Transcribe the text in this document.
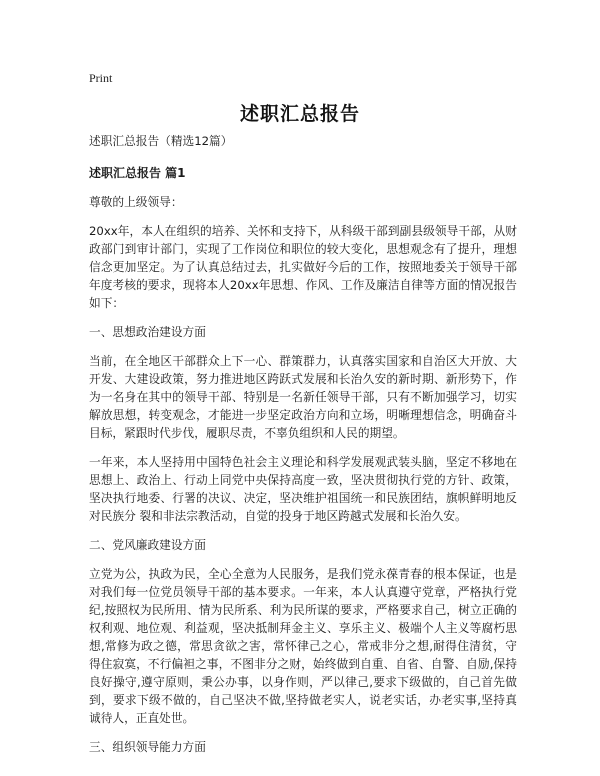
Print
述职汇总报告

述职汇总报告（精选12篇）

述职汇总报告 篇1

尊敬的上级领导：

20xx年，本人在组织的培养、关怀和支持下，从科级干部到副县级领导干部，从财政部门到审计部门，实现了工作岗位和职位的较大变化，思想观念有了提升，理想信念更加坚定。为了认真总结过去，扎实做好今后的工作，按照地委关于领导干部年度考核的要求，现将本人20xx年思想、作风、工作及廉洁自律等方面的情况报告如下：

一、思想政治建设方面

当前，在全地区干部群众上下一心、群策群力，认真落实国家和自治区大开放、大开发、大建设政策，努力推进地区跨跃式发展和长治久安的新时期、新形势下，作为一名身在其中的领导干部、特别是一名新任领导干部，只有不断加强学习，切实解放思想，转变观念，才能进一步坚定政治方向和立场，明晰理想信念，明确奋斗目标，紧跟时代步伐，履职尽责，不辜负组织和人民的期望。

一年来，本人坚持用中国特色社会主义理论和科学发展观武装头脑，坚定不移地在思想上、政治上、行动上同党中央保持高度一致，坚决贯彻执行党的方针、政策，坚决执行地委、行署的决议、决定，坚决维护祖国统一和民族团结，旗帜鲜明地反对民族分 裂和非法宗教活动，自觉的投身于地区跨越式发展和长治久安。

二、党风廉政建设方面

立党为公，执政为民，全心全意为人民服务，是我们党永葆青春的根本保证，也是对我们每一位党员领导干部的基本要求。一年来，本人认真遵守党章，严格执行党纪,按照权为民所用、情为民所系、利为民所谋的要求，严格要求自己，树立正确的权利观、地位观、利益观，坚决抵制拜金主义、享乐主义、极端个人主义等腐朽思想,常修为政之德，常思贪欲之害，常怀律己之心，常戒非分之想,耐得住清贫，守得住寂寞，不行偏袒之事，不图非分之财，始终做到自重、自省、自警、自励,保持良好操守,遵守原则，秉公办事，以身作则，严以律己,要求下级做的，自己首先做到，要求下级不做的，自己坚决不做,坚持做老实人，说老实话，办老实事,坚持真诚待人，正直处世。

三、组织领导能力方面
